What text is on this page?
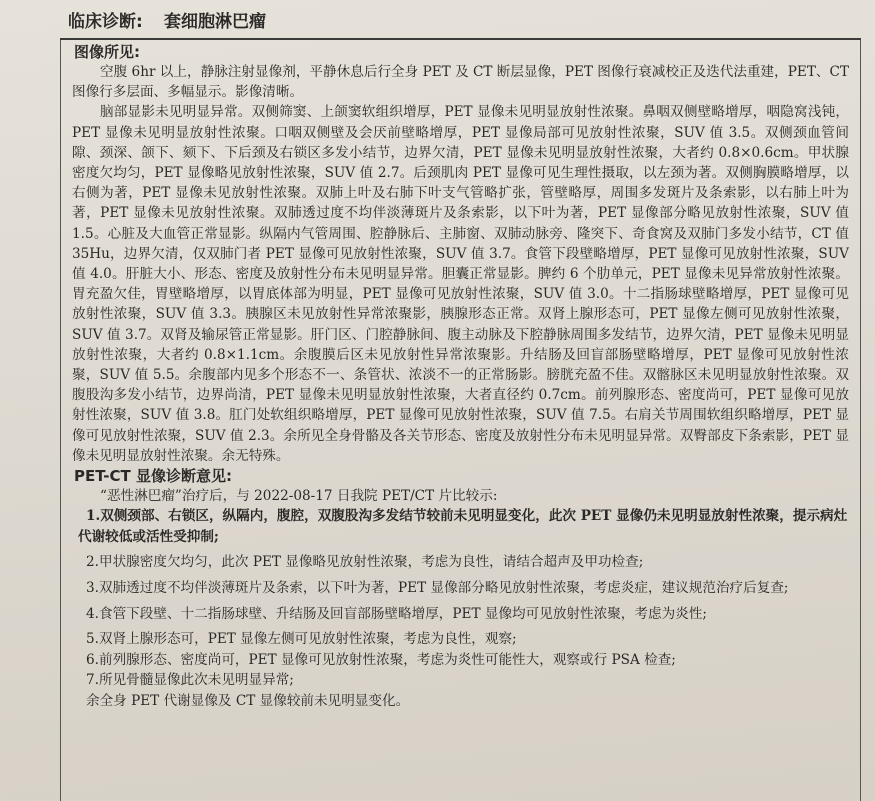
临床诊断:	套细胞淋巴瘤
图像所见:

空腹 6hr 以上，静脉注射显像剂，平静休息后行全身 PET 及 CT 断层显像，PET 图像行衰减校正及迭代法重建，PET、CT 图像行多层面、多幅显示。影像清晰。

脑部显影未见明显异常。双侧筛窦、上颌窦软组织增厚，PET 显像未见明显放射性浓聚。鼻咽双侧壁略增厚，咽隐窝浅钝，PET 显像未见明显放射性浓聚。口咽双侧壁及会厌前壁略增厚，PET 显像局部可见放射性浓聚，SUV 值 3.5。双侧颈血管间隙、颈深、颌下、颏下、下后颈及右锁区多发小结节，边界欠清，PET 显像未见明显放射性浓聚，大者约 0.8×0.6cm。甲状腺密度欠均匀，PET 显像略见放射性浓聚，SUV 值 2.7。后颈肌肉 PET 显像可见生理性摄取，以左颈为著。双侧胸膜略增厚，以右侧为著，PET 显像未见放射性浓聚。双肺上叶及右肺下叶支气管略扩张，管壁略厚，周围多发斑片及条索影，以右肺上叶为著，PET 显像未见放射性浓聚。双肺透过度不均伴淡薄斑片及条索影，以下叶为著，PET 显像部分略见放射性浓聚，SUV 值 1.5。心脏及大血管正常显影。纵隔内气管周围、腔静脉后、主肺窗、双肺动脉旁、隆突下、奇食窝及双肺门多发小结节，CT 值 35Hu，边界欠清，仅双肺门者 PET 显像可见放射性浓聚，SUV 值 3.7。食管下段壁略增厚，PET 显像可见放射性浓聚，SUV 值 4.0。肝脏大小、形态、密度及放射性分布未见明显异常。胆囊正常显影。脾约 6 个肋单元，PET 显像未见异常放射性浓聚。胃充盈欠佳，胃壁略增厚，以胃底体部为明显，PET 显像可见放射性浓聚，SUV 值 3.0。十二指肠球壁略增厚，PET 显像可见放射性浓聚，SUV 值 3.3。胰腺区未见放射性异常浓聚影，胰腺形态正常。双肾上腺形态可，PET 显像左侧可见放射性浓聚，SUV 值 3.7。双肾及输尿管正常显影。肝门区、门腔静脉间、腹主动脉及下腔静脉周围多发结节，边界欠清，PET 显像未见明显放射性浓聚，大者约 0.8×1.1cm。余腹膜后区未见放射性异常浓聚影。升结肠及回盲部肠壁略增厚，PET 显像可见放射性浓聚，SUV 值 5.5。余腹部内见多个形态不一、条管状、浓淡不一的正常肠影。膀胱充盈不佳。双髂脉区未见明显放射性浓聚。双腹股沟多发小结节，边界尚清，PET 显像未见明显放射性浓聚，大者直径约 0.7cm。前列腺形态、密度尚可，PET 显像可见放射性浓聚，SUV 值 3.8。肛门处软组织略增厚，PET 显像可见放射性浓聚，SUV 值 7.5。右肩关节周围软组织略增厚，PET 显像可见放射性浓聚，SUV 值 2.3。余所见全身骨骼及各关节形态、密度及放射性分布未见明显异常。双臀部皮下条索影，PET 显像未见明显放射性浓聚。余无特殊。

PET-CT 显像诊断意见:

“恶性淋巴瘤”治疗后，与 2022-08-17 日我院 PET/CT 片比较示:

1.双侧颈部、右锁区，纵隔内，腹腔，双腹股沟多发结节较前未见明显变化，此次 PET 显像仍未见明显放射性浓聚，提示病灶代谢较低或活性受抑制;

2.甲状腺密度欠均匀，此次 PET 显像略见放射性浓聚，考虑为良性，请结合超声及甲功检查;

3.双肺透过度不均伴淡薄斑片及条索，以下叶为著，PET 显像部分略见放射性浓聚，考虑炎症，建议规范治疗后复查;

4.食管下段壁、十二指肠球壁、升结肠及回盲部肠壁略增厚，PET 显像均可见放射性浓聚，考虑为炎性;

5.双肾上腺形态可，PET 显像左侧可见放射性浓聚，考虑为良性，观察;

6.前列腺形态、密度尚可，PET 显像可见放射性浓聚，考虑为炎性可能性大，观察或行 PSA 检查;

7.所见骨髓显像此次未见明显异常;

余全身 PET 代谢显像及 CT 显像较前未见明显变化。
